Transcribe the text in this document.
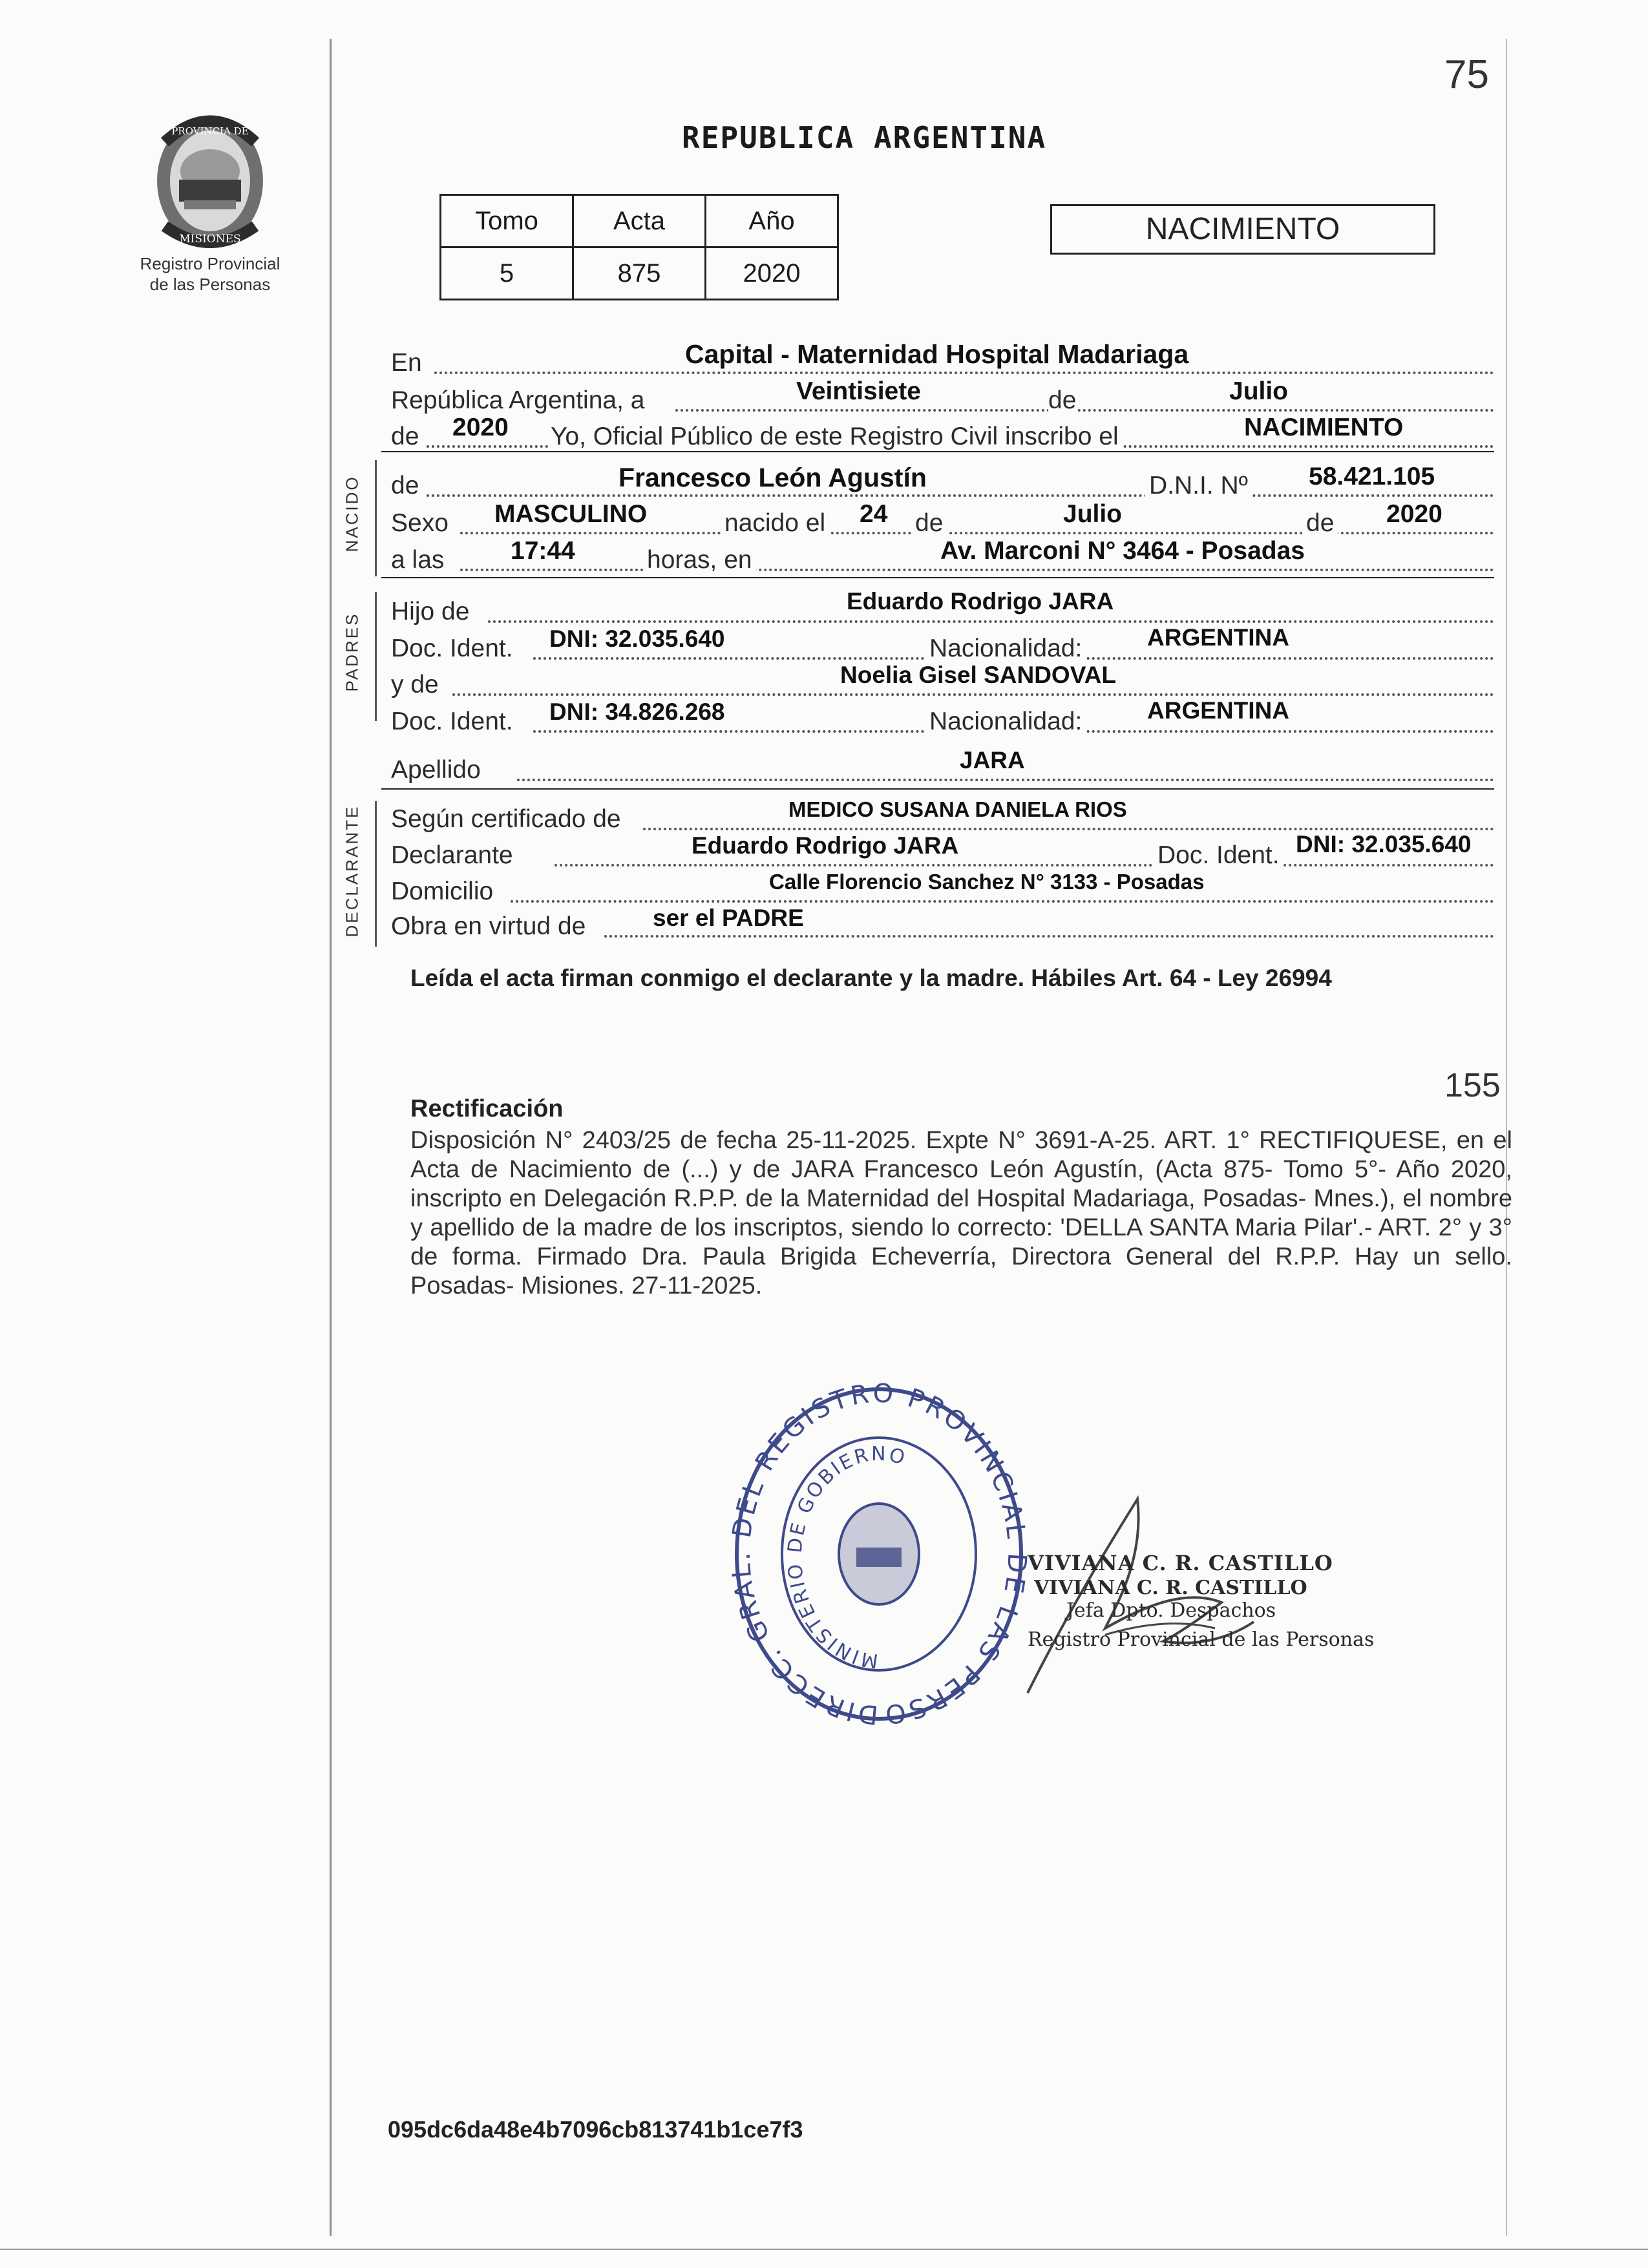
75
PROVINCIA DE
MISIONES
Registro Provincial
de las Personas
REPUBLICA ARGENTINA
Tomo	Acta	Año
5	875	2020
NACIMIENTO
En	Capital - Maternidad Hospital Madariaga
República Argentina, a	Veintisiete	de	Julio
de 2020 Yo, Oficial Público de este Registro Civil inscribo el	NACIMIENTO
NACIDO de	Francesco León Agustín	D.N.I. Nº 58.421.105
Sexo MASCULINO	nacido el 24 de	Julio	de 2020
a las	17:44	horas, en	Av. Marconi N° 3464 - Posadas
PADRES
Hijo de	Eduardo Rodrigo JARA
Doc. Ident. DNI: 32.035.640	Nacionalidad:	ARGENTINA
y de	Noelia Gisel SANDOVAL
Doc. Ident. DNI: 34.826.268	Nacionalidad:	ARGENTINA
Apellido	JARA
DECLARANTE Según certificado de	MEDICO SUSANA DANIELA RIOS
Declarante	Eduardo Rodrigo JARA	Doc. Ident. DNI: 32.035.640
Domicilio	Calle Florencio Sanchez N° 3133 - Posadas
Obra en virtud de	ser el PADRE
Leída el acta firman conmigo el declarante y la madre. Hábiles Art. 64 - Ley 26994
155
Rectificación
Disposición N° 2403/25 de fecha 25-11-2025. Expte N° 3691-A-25. ART. 1° RECTIFIQUESE, en el Acta de Nacimiento de (...) y de JARA Francesco León Agustín, (Acta 875- Tomo 5°- Año 2020, inscripto en Delegación R.P.P. de la Maternidad del Hospital Madariaga, Posadas- Mnes.), el nombre y apellido de la madre de los inscriptos, siendo lo correcto: 'DELLA SANTA Maria Pilar'.- ART. 2° y 3° de forma. Firmado Dra. Paula Brigida Echeverría, Directora General del R.P.P. Hay un sello. Posadas- Misiones. 27-11-2025.
DIRECC. GRAL. DEL REGISTRO PROVINCIAL DE LAS PERSO
MINISTERIO DE GOBIERNO
VIVIANA C. R. CASTILLO
VIVIANA C. R. CASTILLO
Jefa Dpto. Despachos
Registro Provincial de las Personas
095dc6da48e4b7096cb813741b1ce7f3
